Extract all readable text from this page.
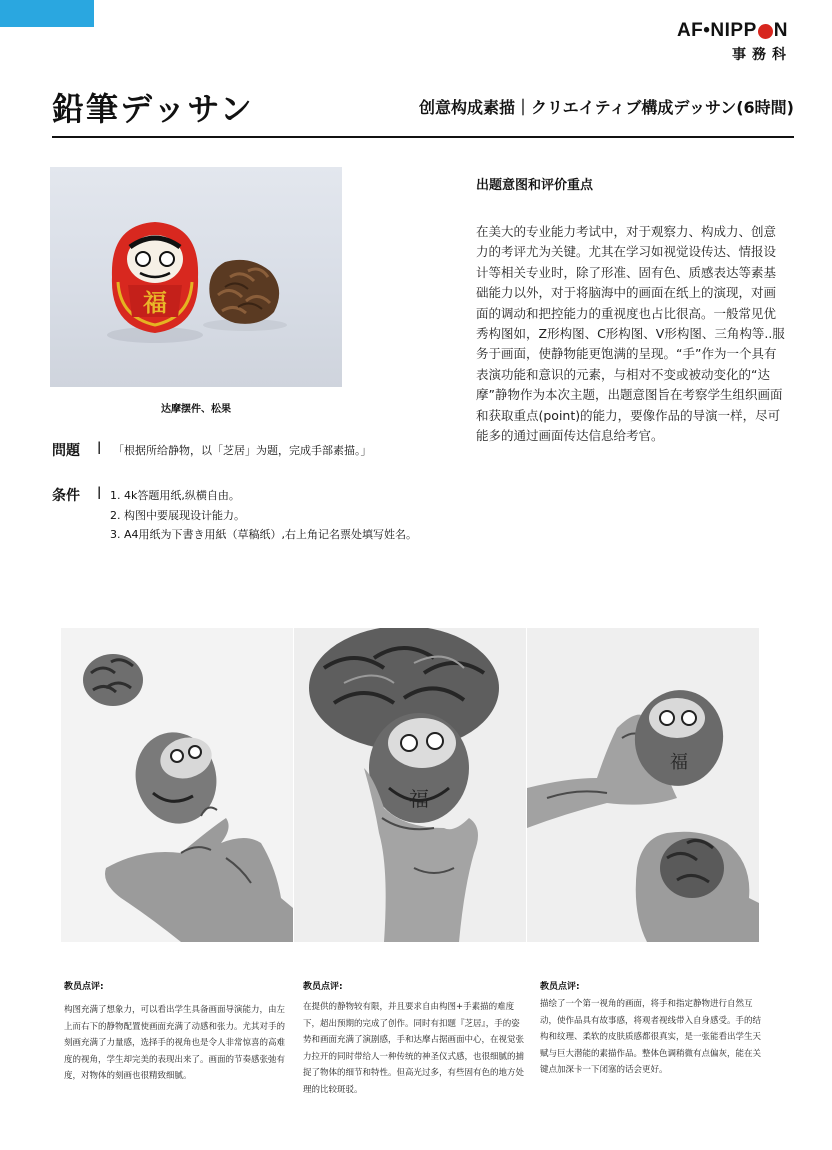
AF•NIPP N
事務科
鉛筆デッサン	创意构成素描｜クリエイティブ構成デッサン(6時間)
福
达摩摆件、松果
出题意图和评价重点

在美大的专业能力考试中，对于观察力、构成力、创意力的考评尤为关键。尤其在学习如视觉设传达、情报设计等相关专业时，除了形准、固有色、质感表达等素基础能力以外，对于将脑海中的画面在纸上的演现，对画面的调动和把控能力的重视度也占比很高。一般常见优秀构图如，Z形构图、C形构图、V形构图、三角构等..服务于画面，使静物能更饱满的呈现。“手”作为一个具有表演功能和意识的元素，与相对不变或被动变化的“达摩”静物作为本次主题，出题意图旨在考察学生组织画面和获取重点(point)的能力，要像作品的导演一样，尽可能多的通过画面传达信息给考官。

問題 | 「根据所给静物，以「芝居」为题，完成手部素描。」
条件 | 1. 4k答题用纸,纵横自由。
2. 构图中要展现设计能力。
3. A4用纸为下書き用紙（草稿纸）,右上角记名票处填写姓名。
福
福
教员点评:

构图充满了想象力，可以看出学生具备画面导演能力，由左上而右下的静物配置使画面充满了动感和张力。尤其对手的刻画充满了力量感，选择手的视角也是令人非常惊喜的高难度的视角，学生却完美的表现出来了。画面的节奏感张弛有度，对物体的刻画也很精致细腻。

教员点评:

在提供的静物较有限，并且要求自由构图+手素描的难度下，超出预期的完成了创作。同时有扣题『芝居』，手的姿势和画面充满了演剧感，手和达摩占据画面中心，在视觉张力拉开的同时带给人一种传统的神圣仪式感，也很细腻的捕捉了物体的细节和特性。但高光过多，有些固有色的地方处理的比较斑驳。

教员点评:

描绘了一个第一视角的画面，将手和指定静物进行自然互动，使作品具有故事感，将观者视线带入自身感受。手的结构和纹理、柔软的皮肤质感都很真实，是一张能看出学生天赋与巨大潜能的素描作品。整体色调稍微有点偏灰，能在关键点加深卡一下闭塞的话会更好。
